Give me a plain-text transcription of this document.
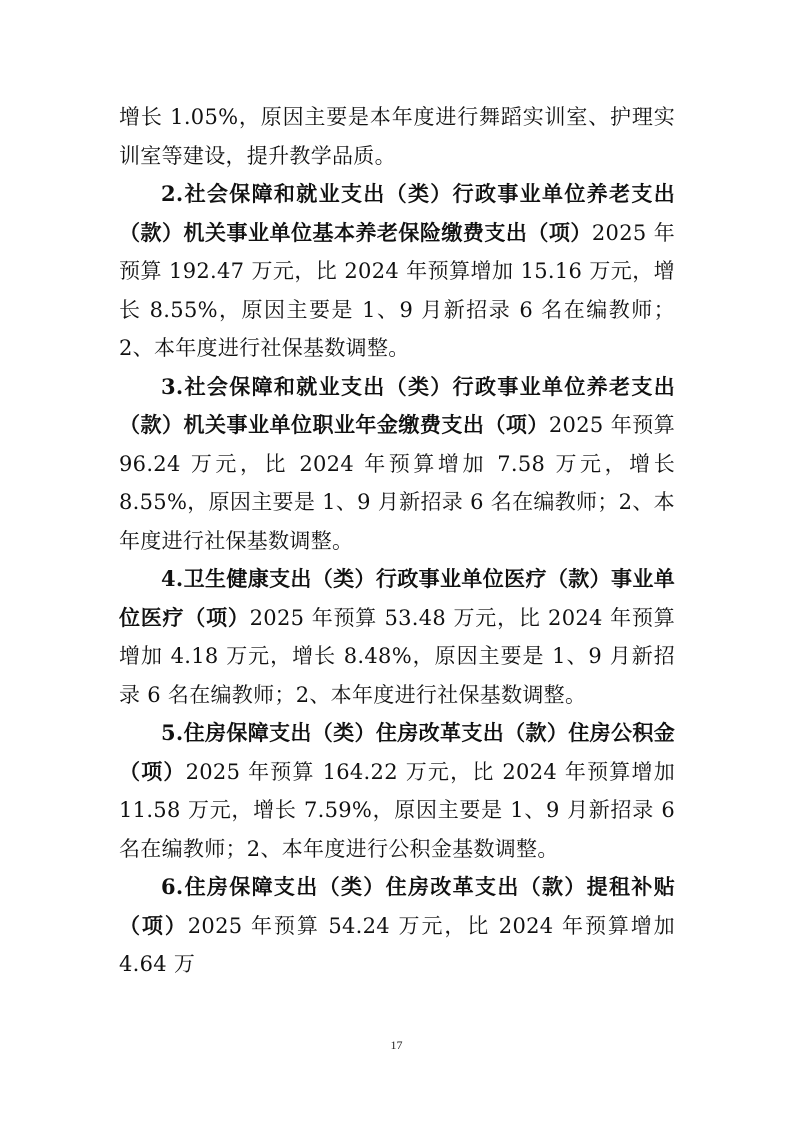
增长 1.05%，原因主要是本年度进行舞蹈实训室、护理实训室等建设，提升教学品质。

2.社会保障和就业支出（类）行政事业单位养老支出（款）机关事业单位基本养老保险缴费支出（项）2025 年预算 192.47 万元，比 2024 年预算增加 15.16 万元，增长 8.55%，原因主要是 1、9 月新招录 6 名在编教师；2、本年度进行社保基数调整。

3.社会保障和就业支出（类）行政事业单位养老支出（款）机关事业单位职业年金缴费支出（项）2025 年预算 96.24 万元，比 2024 年预算增加 7.58 万元，增长 8.55%，原因主要是 1、9 月新招录 6 名在编教师；2、本年度进行社保基数调整。

4.卫生健康支出（类）行政事业单位医疗（款）事业单位医疗（项）2025 年预算 53.48 万元，比 2024 年预算增加 4.18 万元，增长 8.48%，原因主要是 1、9 月新招录 6 名在编教师；2、本年度进行社保基数调整。

5.住房保障支出（类）住房改革支出（款）住房公积金（项）2025 年预算 164.22 万元，比 2024 年预算增加 11.58 万元，增长 7.59%，原因主要是 1、9 月新招录 6 名在编教师；2、本年度进行公积金基数调整。

6.住房保障支出（类）住房改革支出（款）提租补贴（项）2025 年预算 54.24 万元，比 2024 年预算增加 4.64 万

17
